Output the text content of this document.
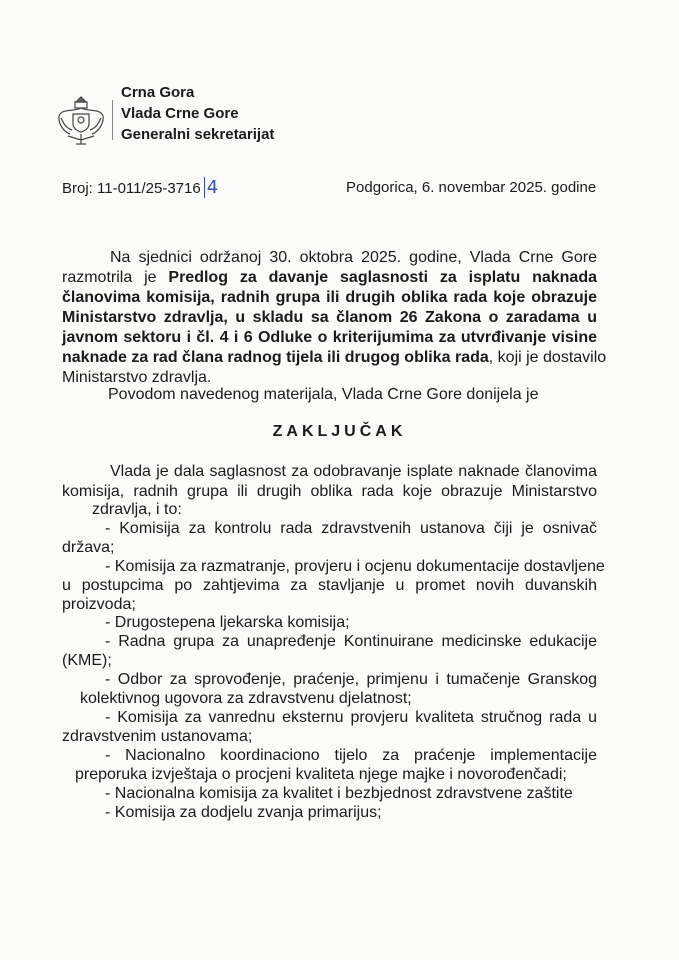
Crna Gora
Vlada Crne Gore
Generalni sekretarijat
Broj: 11-011/25-3716 4	Podgorica, 6. novembar 2025. godine
Na sjednici održanoj 30. oktobra 2025. godine, Vlada Crne Gore
razmotrila je Predlog za davanje saglasnosti za isplatu naknada
članovima komisija, radnih grupa ili drugih oblika rada koje obrazuje
Ministarstvo zdravlja, u skladu sa članom 26 Zakona o zaradama u
javnom sektoru i čl. 4 i 6 Odluke o kriterijumima za utvrđivanje visine
naknade za rad člana radnog tijela ili drugog oblika rada, koji je dostavilo
Ministarstvo zdravlja.
Povodom navedenog materijala, Vlada Crne Gore donijela je
ZAKLJUČAK
Vlada je dala saglasnost za odobravanje isplate naknade članovima
komisija, radnih grupa ili drugih oblika rada koje obrazuje Ministarstvo
zdravlja, i to:
- Komisija za kontrolu rada zdravstvenih ustanova čiji je osnivač
država;
- Komisija za razmatranje, provjeru i ocjenu dokumentacije dostavljene
u postupcima po zahtjevima za stavljanje u promet novih duvanskih
proizvoda;
- Drugostepena ljekarska komisija;
- Radna grupa za unapređenje Kontinuirane medicinske edukacije
(KME);
- Odbor za sprovođenje, praćenje, primjenu i tumačenje Granskog
kolektivnog ugovora za zdravstvenu djelatnost;
- Komisija za vanrednu eksternu provjeru kvaliteta stručnog rada u
zdravstvenim ustanovama;
- Nacionalno koordinaciono tijelo za praćenje implementacije
preporuka izvještaja o procjeni kvaliteta njege majke i novorođenčadi;
- Nacionalna komisija za kvalitet i bezbjednost zdravstvene zaštite
- Komisija za dodjelu zvanja primarijus;
